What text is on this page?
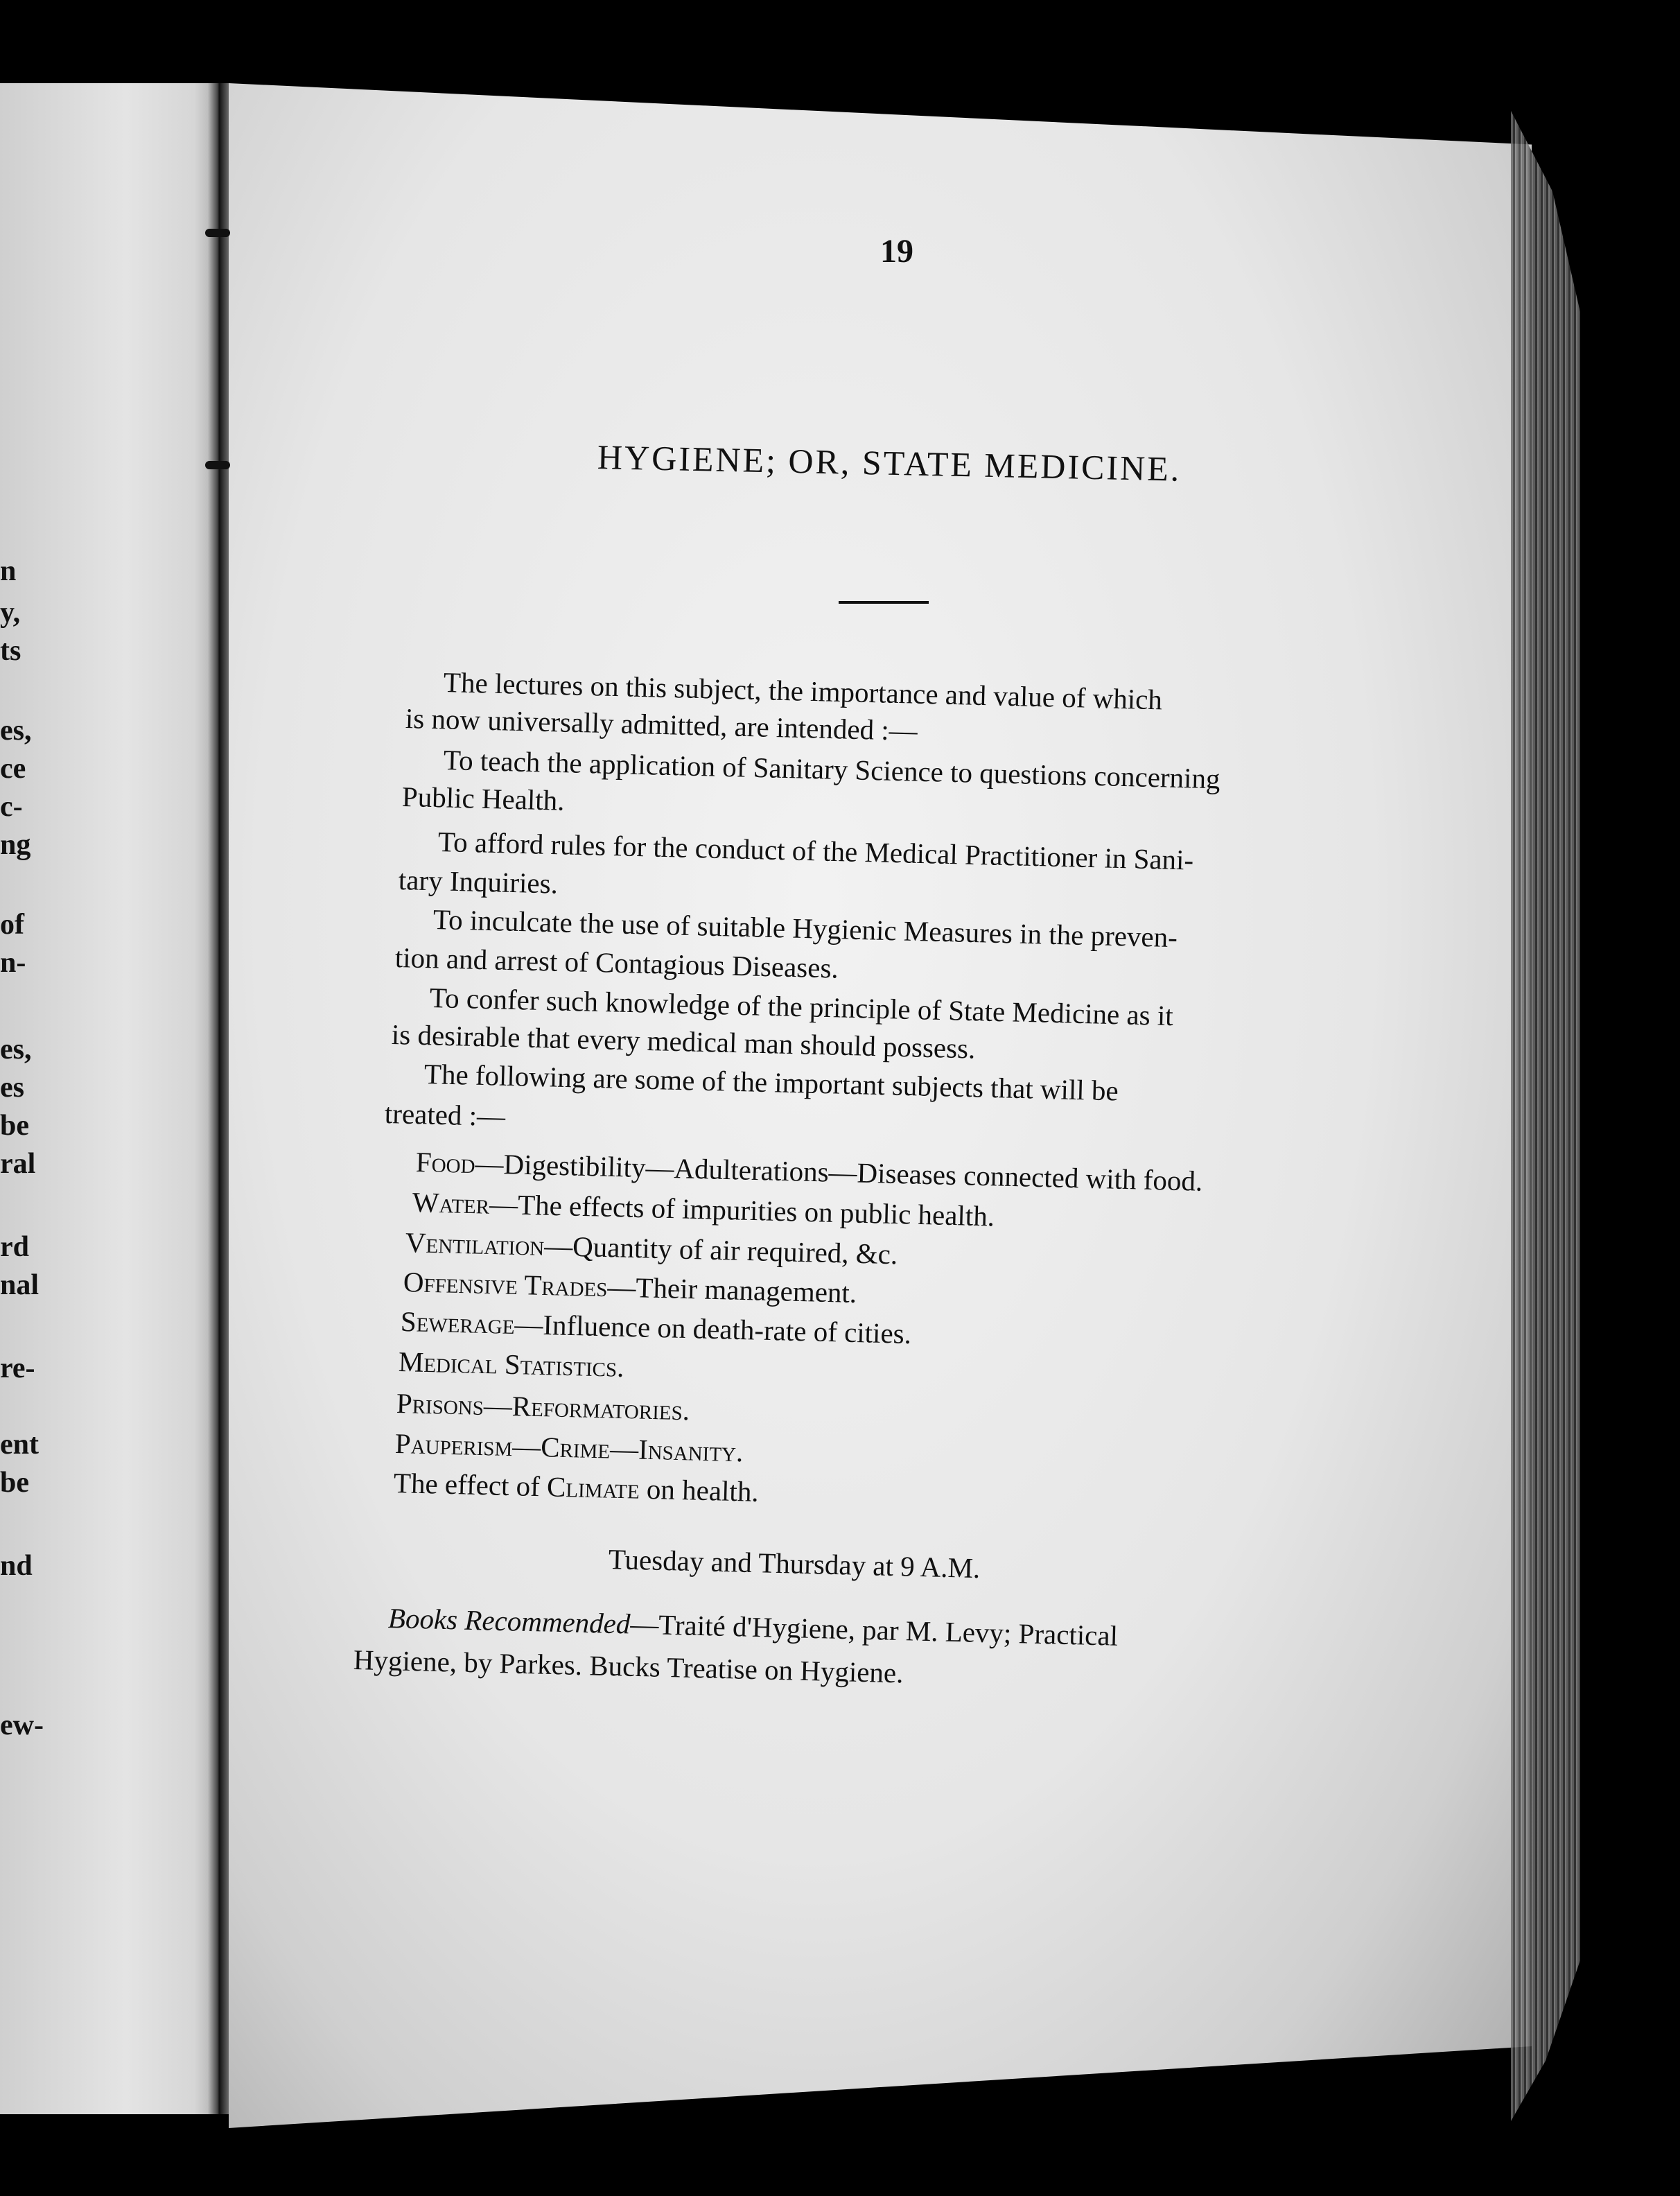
n
y,
ts
es,
ce
c-
ng
of
n-
es,
es
be
ral
rd
nal
re-
ent
be
nd
ew-
19
HYGIENE; OR, STATE MEDICINE.
The lectures on this subject, the importance and value of which
is now universally admitted, are intended :—
To teach the application of Sanitary Science to questions concerning
Public Health.
To afford rules for the conduct of the Medical Practitioner in Sani-
tary Inquiries.
To inculcate the use of suitable Hygienic Measures in the preven-
tion and arrest of Contagious Diseases.
To confer such knowledge of the principle of State Medicine as it
is desirable that every medical man should possess.
The following are some of the important subjects that will be
treated :—
Food—Digestibility—Adulterations—Diseases connected with food.
Water—The effects of impurities on public health.
Ventilation—Quantity of air required, &c.
Offensive Trades—Their management.
Sewerage—Influence on death-rate of cities.
Medical Statistics.
Prisons—Reformatories.
Pauperism—Crime—Insanity.
The effect of Climate on health.
Tuesday and Thursday at 9 A.M.
Books Recommended—Traité d'Hygiene, par M. Levy; Practical
Hygiene, by Parkes. Bucks Treatise on Hygiene.
